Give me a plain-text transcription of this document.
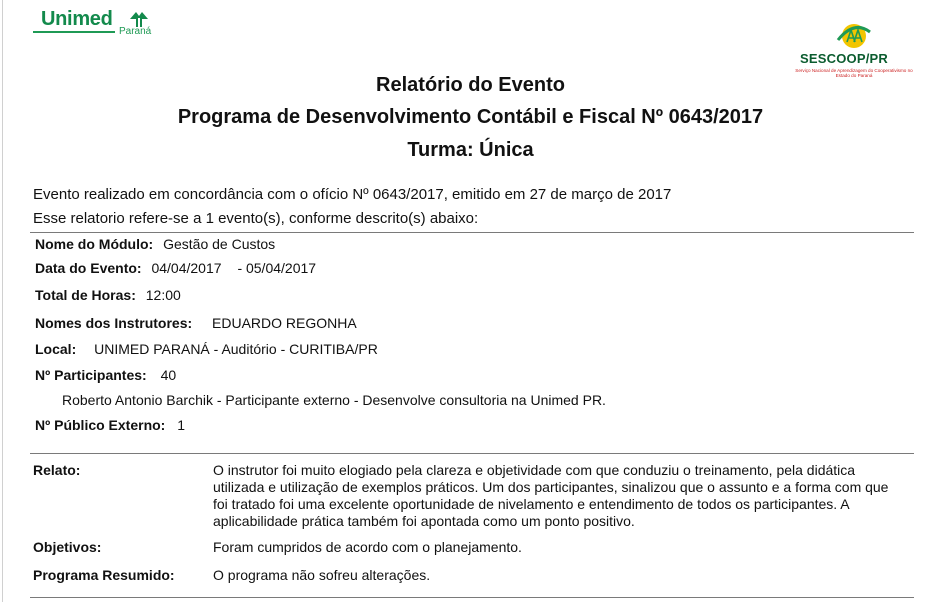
Unimed
Paraná
SESCOOP/PR
Serviço Nacional de Aprendizagem do Cooperativismo no Estado do Paraná
Relatório do Evento
Programa de Desenvolvimento Contábil e Fiscal Nº 0643/2017
Turma: Única
Evento realizado em concordância com o ofício Nº 0643/2017, emitido em 27 de março de 2017
Esse relatorio refere-se a 1 evento(s), conforme descrito(s) abaixo:
Nome do Módulo: Gestão de Custos
Data do Evento: 04/04/2017 - 05/04/2017
Total de Horas: 12:00
Nomes dos Instrutores: EDUARDO REGONHA
Local: UNIMED PARANÁ - Auditório - CURITIBA/PR
Nº Participantes: 40
Roberto Antonio Barchik - Participante externo - Desenvolve consultoria na Unimed PR.
Nº Público Externo: 1
Relato:	O instrutor foi muito elogiado pela clareza e objetividade com que conduziu o treinamento, pela didática utilizada e utilização de exemplos práticos. Um dos participantes, sinalizou que o assunto e a forma com que foi tratado foi uma excelente oportunidade de nivelamento e entendimento de todos os participantes. A aplicabilidade prática também foi apontada como um ponto positivo.
Objetivos:	Foram cumpridos de acordo com o planejamento.
Programa Resumido:	O programa não sofreu alterações.
